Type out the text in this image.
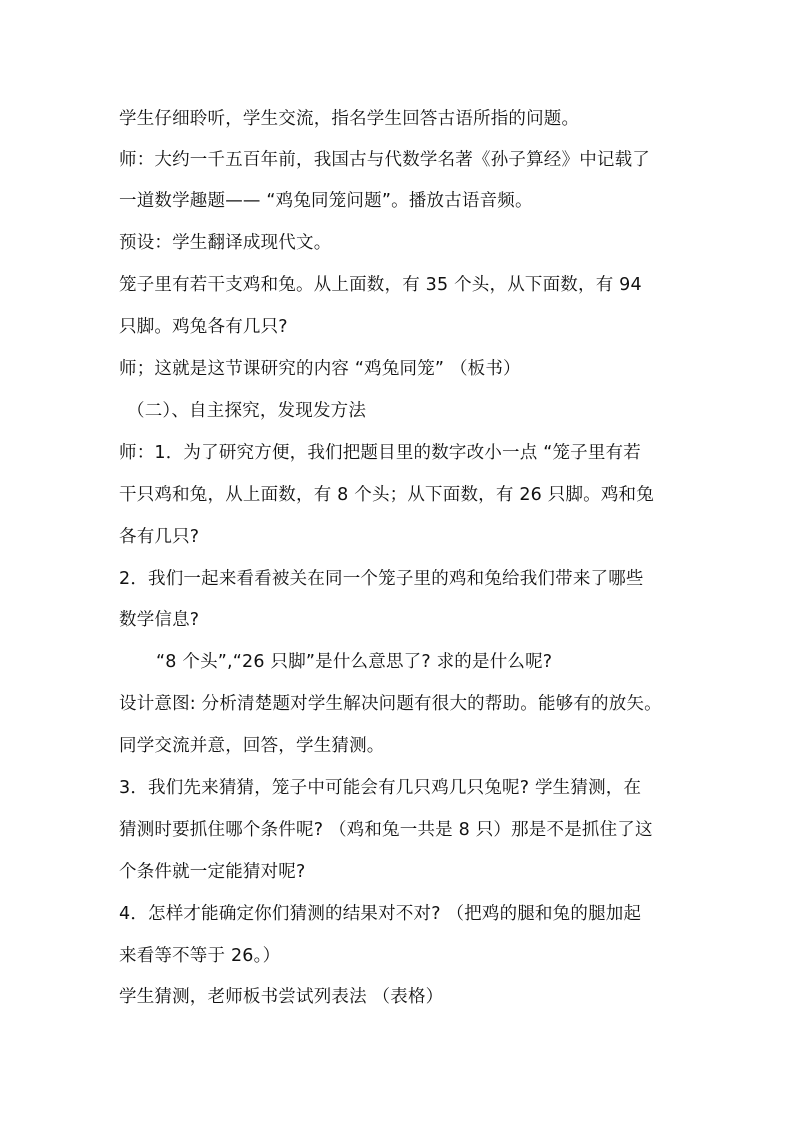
学生仔细聆听，学生交流，指名学生回答古语所指的问题。
师：大约一千五百年前，我国古与代数学名著《孙子算经》中记载了
一道数学趣题—— “鸡兔同笼问题”。播放古语音频。
预设：学生翻译成现代文。
笼子里有若干支鸡和兔。从上面数，有 35 个头，从下面数，有 94
只脚。鸡兔各有几只?
师；这就是这节课研究的内容 “鸡兔同笼” （板书）
（二）、自主探究，发现发方法
师：1．为了研究方便，我们把题目里的数字改小一点 “笼子里有若
干只鸡和兔，从上面数，有 8 个头；从下面数，有 26 只脚。鸡和兔
各有几只?
2．我们一起来看看被关在同一个笼子里的鸡和兔给我们带来了哪些
数学信息?
“8 个头”,“26 只脚”是什么意思了? 求的是什么呢?
设计意图: 分析清楚题对学生解决问题有很大的帮助。能够有的放矢。
同学交流并意，回答，学生猜测。
3．我们先来猜猜，笼子中可能会有几只鸡几只兔呢? 学生猜测，在
猜测时要抓住哪个条件呢? （鸡和兔一共是 8 只）那是不是抓住了这
个条件就一定能猜对呢?
4．怎样才能确定你们猜测的结果对不对? （把鸡的腿和兔的腿加起
来看等不等于 26。）
学生猜测，老师板书尝试列表法 （表格）
